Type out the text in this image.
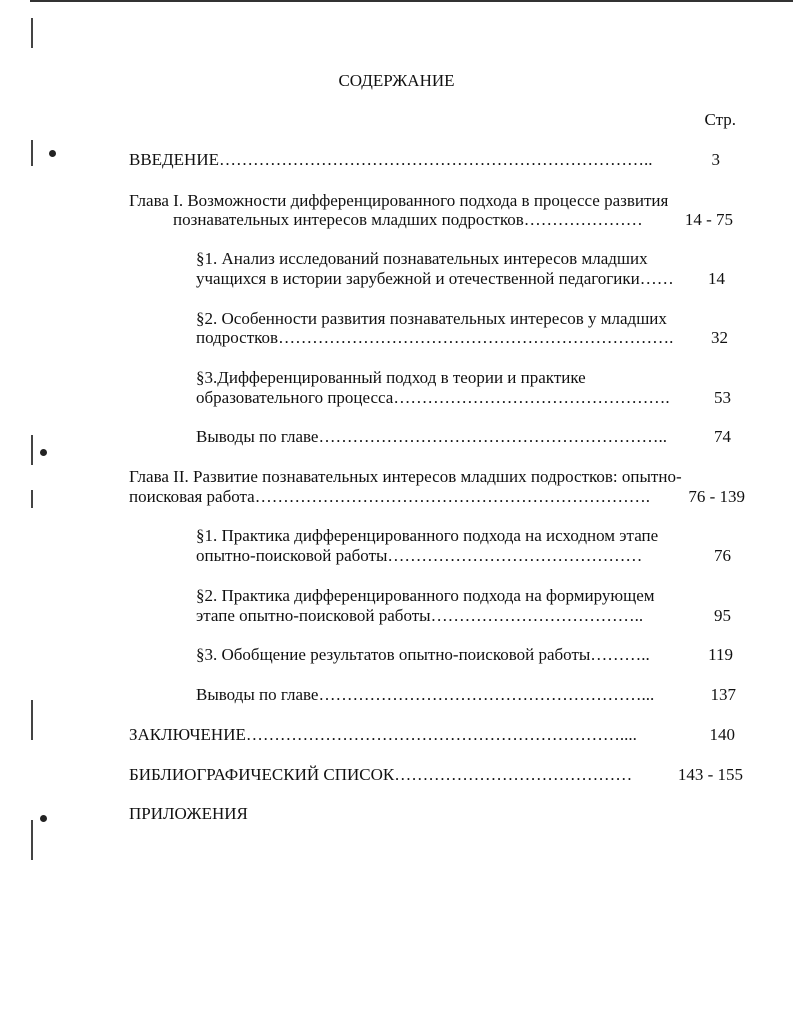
СОДЕРЖАНИЕ
Стр.
ВВЕДЕНИЕ…………………………………………………………………..	3
Глава I. Возможности дифференцированного подхода в процессе развития
познавательных интересов младших подростков………………… 14 - 75
§1. Анализ исследований познавательных интересов младших
учащихся в истории зарубежной и отечественной педагогики…… 14
§2. Особенности развития познавательных интересов у младших
подростков……………………………………………………………. 32
§3.Дифференцированный подход в теории и практике
образовательного процесса………………………………………….	53
Выводы по главе……………………………………………………..	74
Глава II. Развитие познавательных интересов младших подростков: опытно-
поисковая работа……………………………………………………………. 76 - 139
§1. Практика дифференцированного подхода на исходном этапе
опытно-поисковой работы………………………………………	76
§2. Практика дифференцированного подхода на формирующем
этапе опытно-поисковой работы………………………………..	95
§3. Обобщение результатов опытно-поисковой работы………..	119
Выводы по главе…………………………………………………...	137
ЗАКЛЮЧЕНИЕ…………………………………………………………....	140
БИБЛИОГРАФИЧЕСКИЙ СПИСОК……………………………………	143 - 155
ПРИЛОЖЕНИЯ
